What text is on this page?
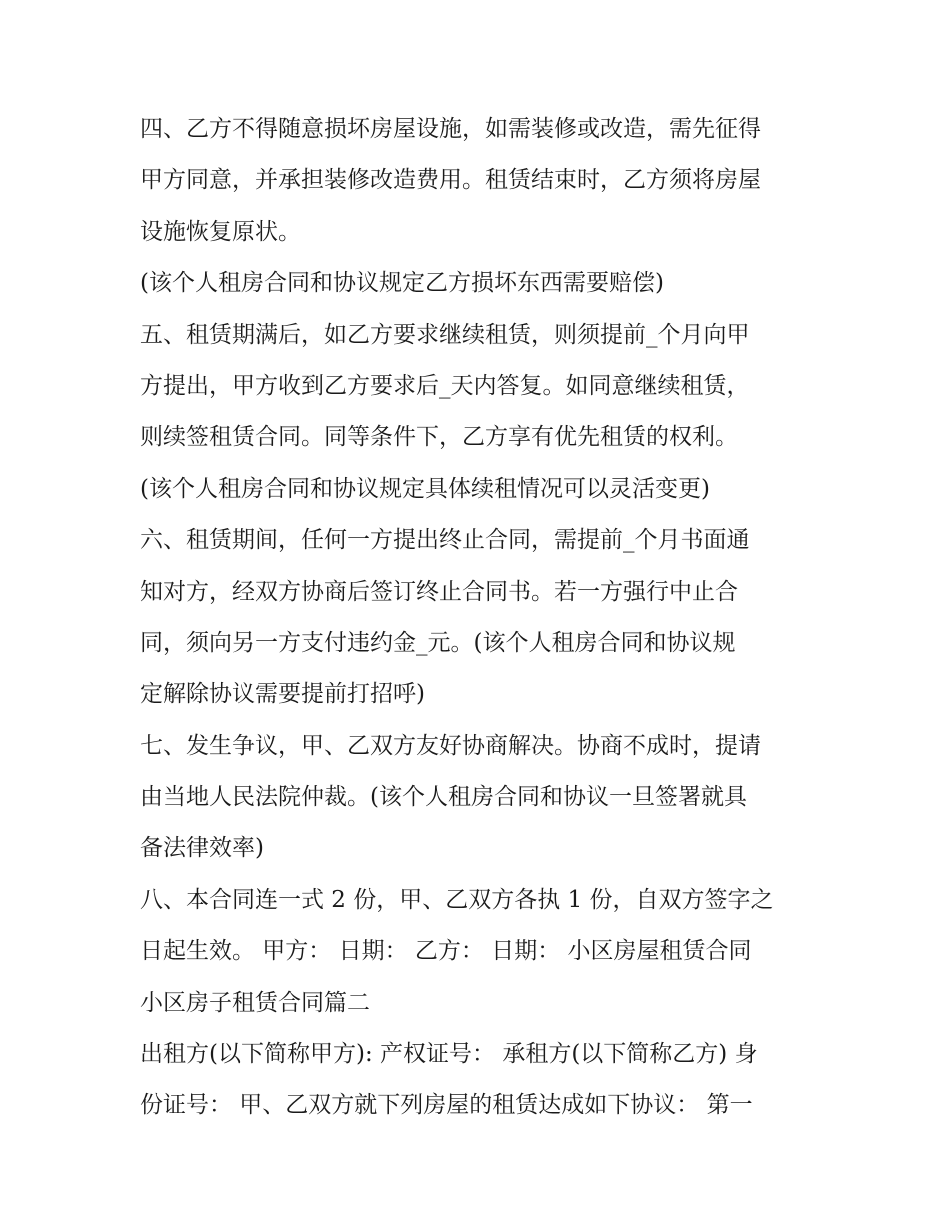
四、乙方不得随意损坏房屋设施，如需装修或改造，需先征得
甲方同意，并承担装修改造费用。租赁结束时，乙方须将房屋
设施恢复原状。
(该个人租房合同和协议规定乙方损坏东西需要赔偿)
五、租赁期满后，如乙方要求继续租赁，则须提前_个月向甲
方提出，甲方收到乙方要求后_天内答复。如同意继续租赁，
则续签租赁合同。同等条件下，乙方享有优先租赁的权利。
(该个人租房合同和协议规定具体续租情况可以灵活变更)
六、租赁期间，任何一方提出终止合同，需提前_个月书面通
知对方，经双方协商后签订终止合同书。若一方强行中止合
同，须向另一方支付违约金_元。(该个人租房合同和协议规
定解除协议需要提前打招呼)
七、发生争议，甲、乙双方友好协商解决。协商不成时，提请
由当地人民法院仲裁。(该个人租房合同和协议一旦签署就具
备法律效率)
八、本合同连一式 2 份，甲、乙双方各执 1 份，自双方签字之
日起生效。 甲方： 日期： 乙方： 日期： 小区房屋租赁合同
小区房子租赁合同篇二
出租方(以下简称甲方): 产权证号： 承租方(以下简称乙方) 身
份证号： 甲、乙双方就下列房屋的租赁达成如下协议： 第一
